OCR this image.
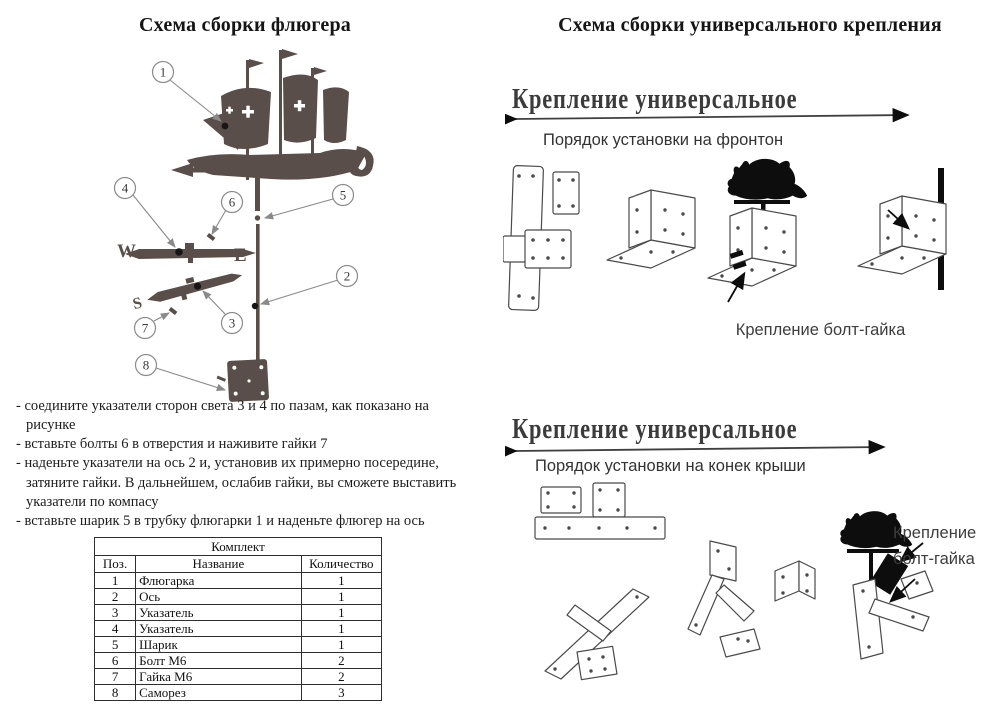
Схема сборки флюгера
W	E
S
1
4
6	5
2
7	3
8
- соедините указатели сторон света 3 и 4 по пазам, как показано на рисунке
- вставьте болты 6 в отверстия и наживите гайки 7
- наденьте указатели на ось 2 и, установив их примерно посередине, затяните гайки. В дальнейшем, ослабив гайки, вы сможете выставить указатели по компасу
- вставьте шарик 5 в трубку флюгарки 1 и наденьте флюгер на ось
Комплект		
Поз.	Название	Количество
1	Флюгарка	1
2	Ось	1
3	Указатель	1
4	Указатель	1
5	Шарик	1
6	Болт М6	2
7	Гайка М6	2
8	Саморез	3
Схема сборки универсального крепления
Крепление универсальное
Порядок установки на фронтон
Крепление болт-гайка
Крепление универсальное
Порядок установки на конек крыши
Крепление болт-гайка
